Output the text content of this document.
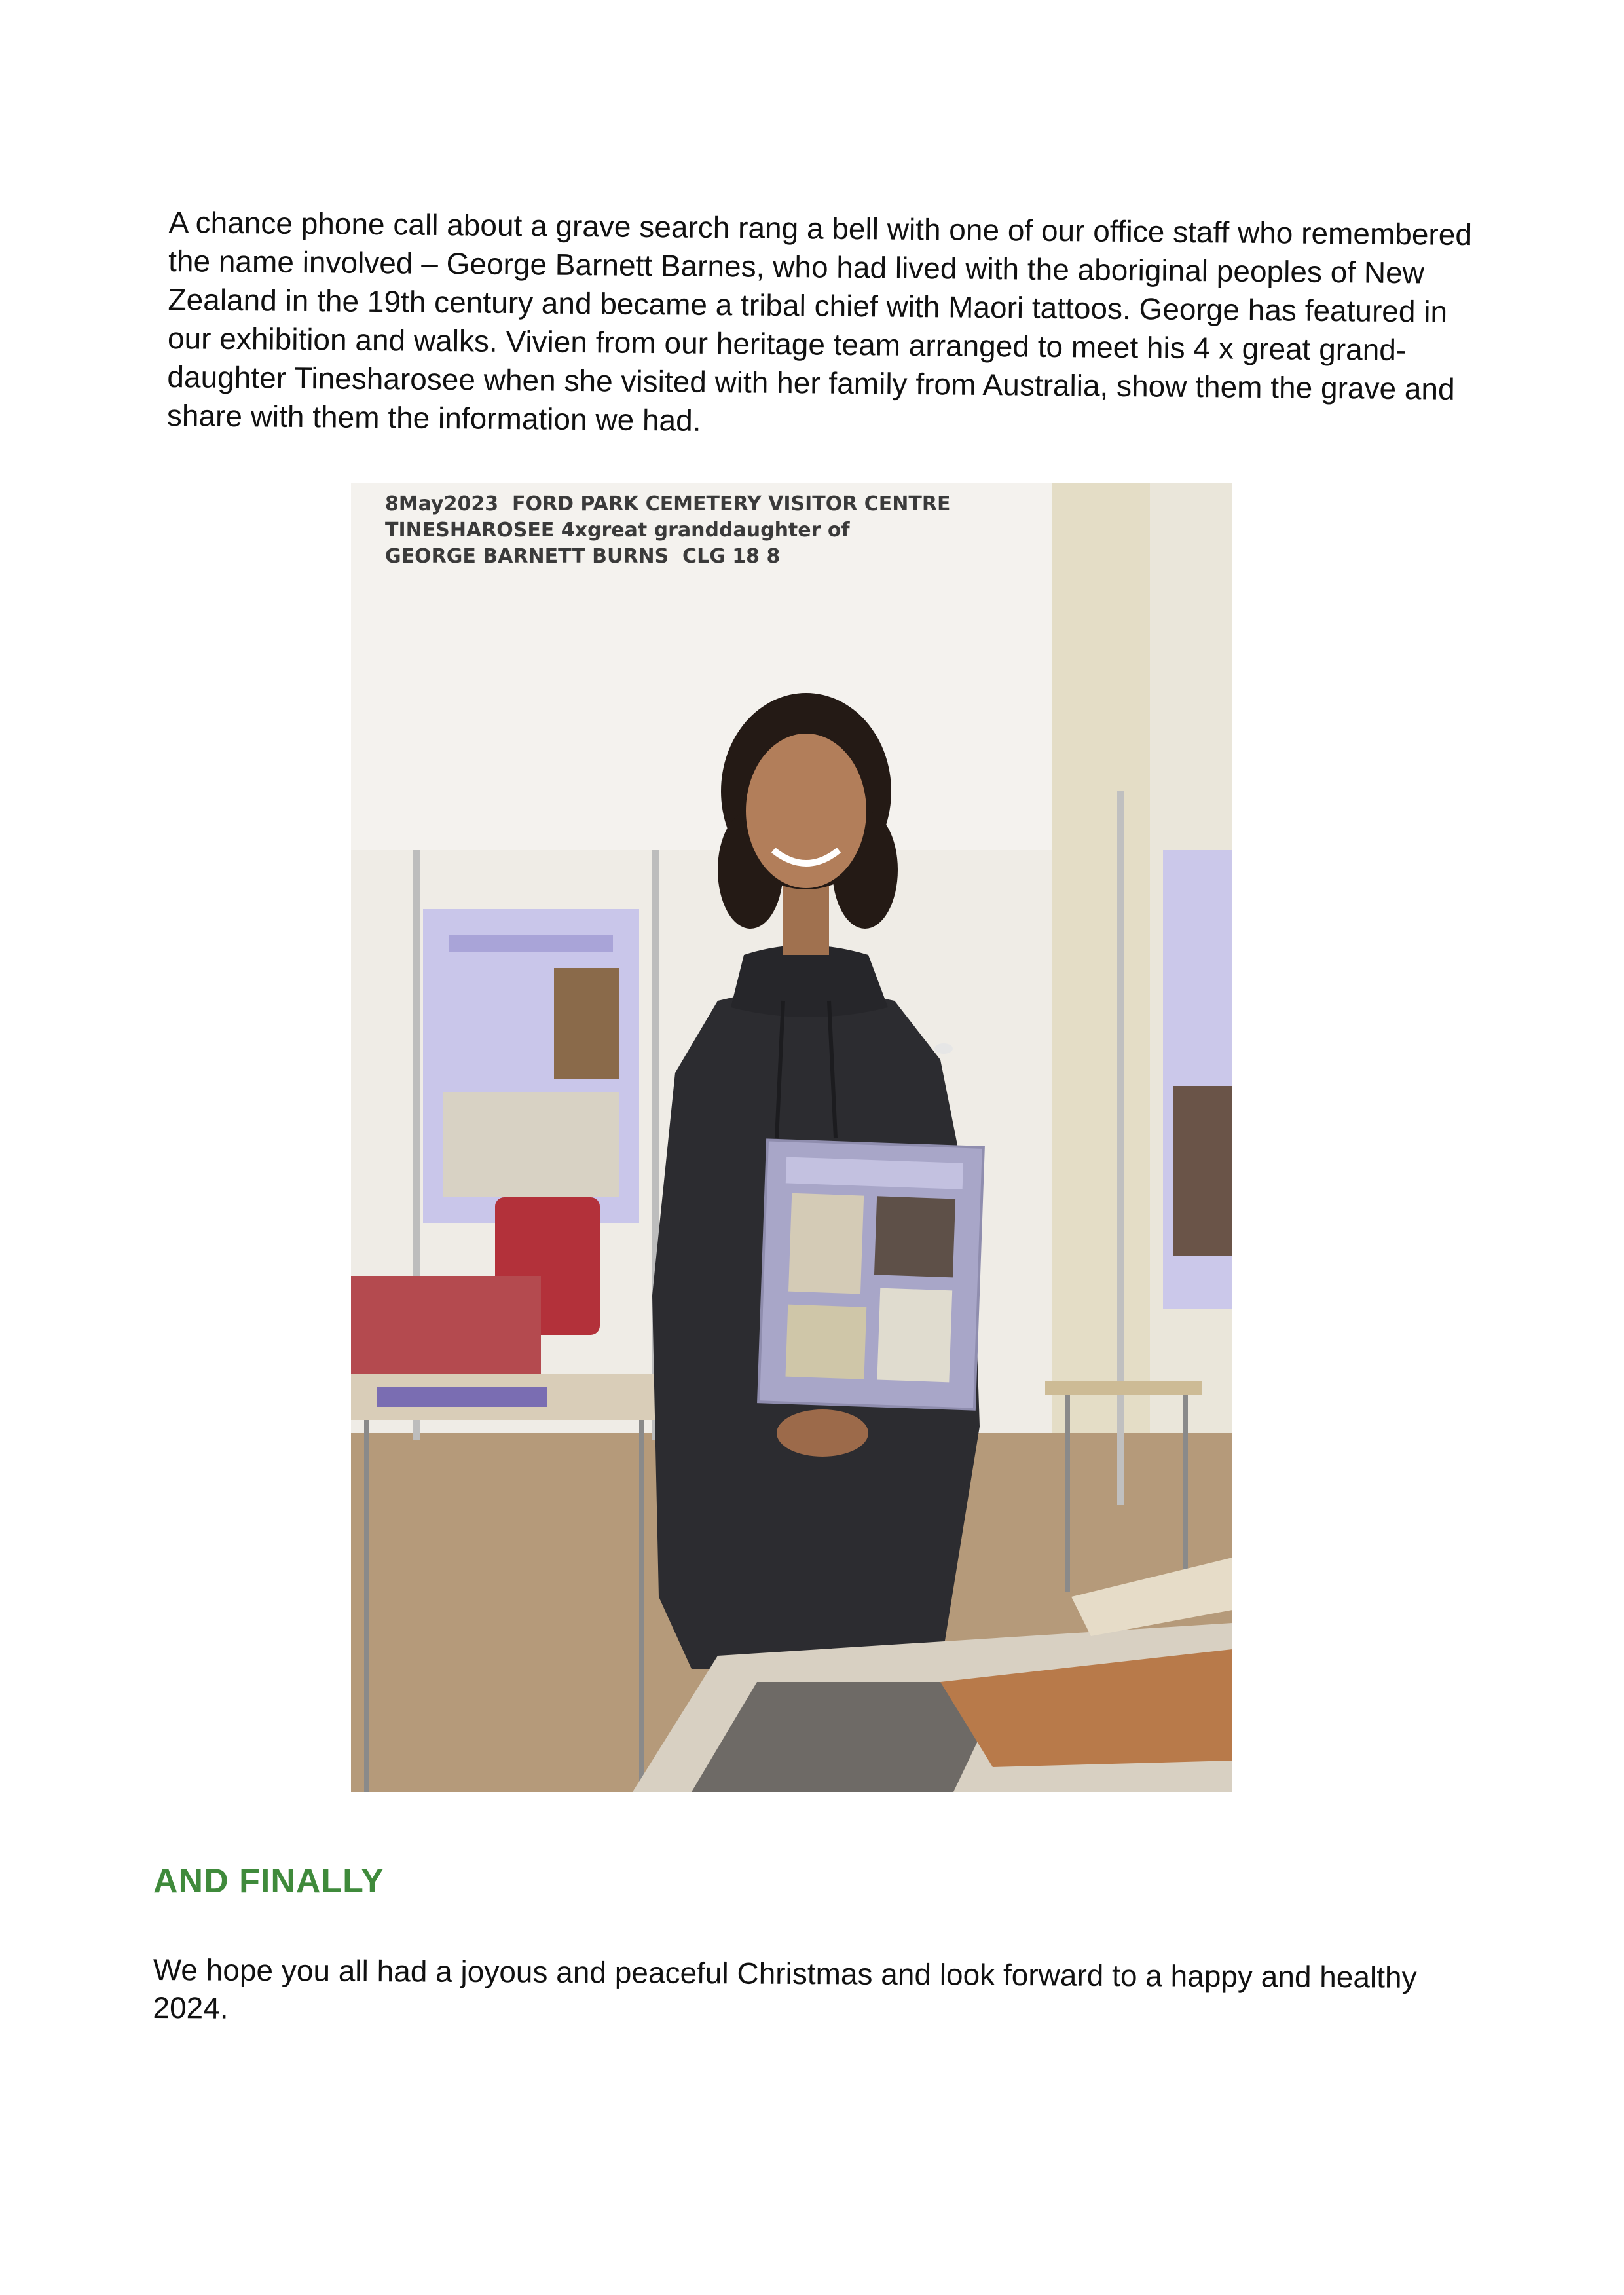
A chance phone call about a grave search rang a bell with one of our office staff who remembered the name involved – George Barnett Barnes, who had lived with the aboriginal peoples of New Zealand in the 19th century and became a tribal chief with Maori tattoos. George has featured in our exhibition and walks. Vivien from our heritage team arranged to meet his 4 x great grand-daughter Tinesharosee when she visited with her family from Australia, show them the grave and share with them the information we had.

8May2023  FORD PARK CEMETERY VISITOR CENTRE
TINESHAROSEE 4xgreat granddaughter of
GEORGE BARNETT BURNS  CLG 18 8
AND FINALLY
We hope you all had a joyous and peaceful Christmas and look forward to a happy and healthy 2024.
